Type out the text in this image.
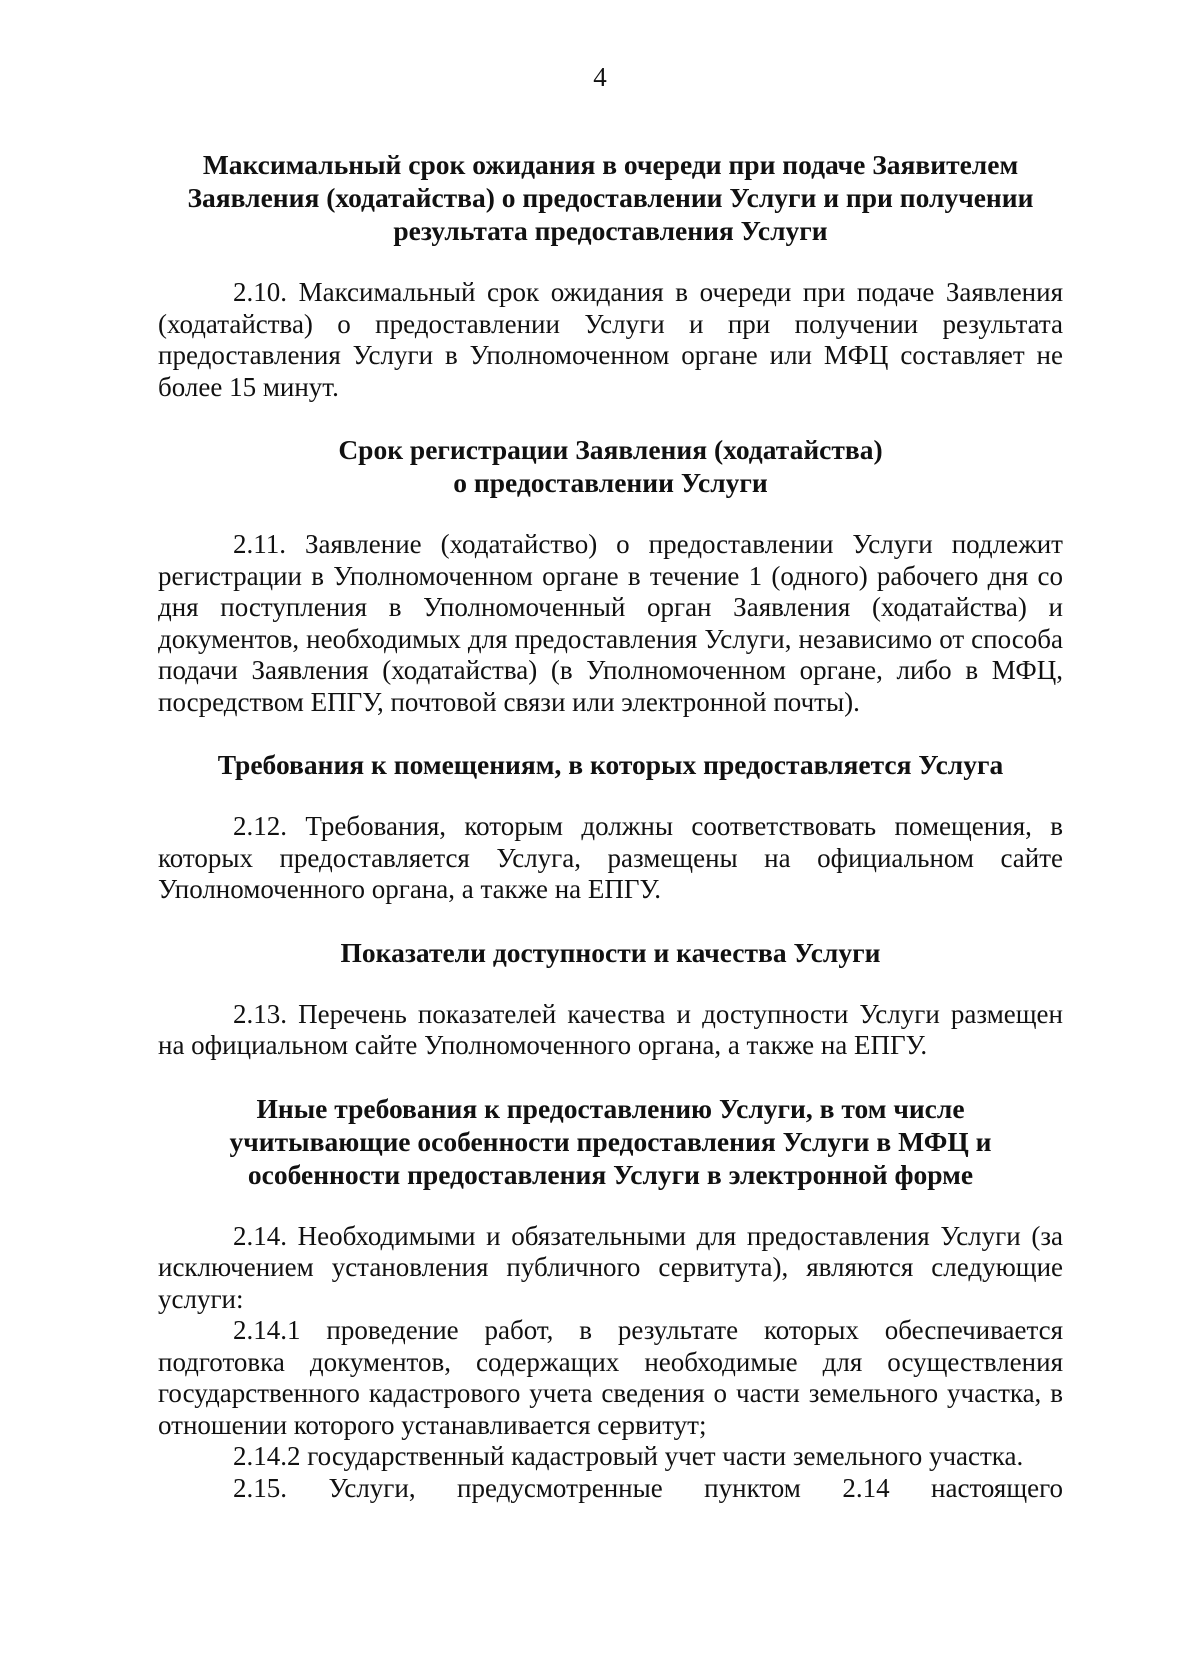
4

Максимальный срок ожидания в очереди при подаче Заявителем Заявления (ходатайства) о предоставлении Услуги и при получении результата предоставления Услуги

2.10. Максимальный срок ожидания в очереди при подаче Заявления (ходатайства) о предоставлении Услуги и при получении результата предоставления Услуги в Уполномоченном органе или МФЦ составляет не более 15 минут.

Срок регистрации Заявления (ходатайства)

о предоставлении Услуги

2.11. Заявление (ходатайство) о предоставлении Услуги подлежит регистрации в Уполномоченном органе в течение 1 (одного) рабочего дня со дня поступления в Уполномоченный орган Заявления (ходатайства) и документов, необходимых для предоставления Услуги, независимо от способа подачи Заявления (ходатайства) (в Уполномоченном органе, либо в МФЦ, посредством ЕПГУ, почтовой связи или электронной почты).

Требования к помещениям, в которых предоставляется Услуга

2.12. Требования, которым должны соответствовать помещения, в которых предоставляется Услуга, размещены на официальном сайте Уполномоченного органа, а также на ЕПГУ.

Показатели доступности и качества Услуги

2.13. Перечень показателей качества и доступности Услуги размещен на официальном сайте Уполномоченного органа, а также на ЕПГУ.

Иные требования к предоставлению Услуги, в том числе

учитывающие особенности предоставления Услуги в МФЦ и

особенности предоставления Услуги в электронной форме

2.14. Необходимыми и обязательными для предоставления Услуги (за исключением установления публичного сервитута), являются следующие услуги:

2.14.1 проведение работ, в результате которых обеспечивается подготовка документов, содержащих необходимые для осуществления государственного кадастрового учета сведения о части земельного участка, в отношении которого устанавливается сервитут;

2.14.2 государственный кадастровый учет части земельного участка.

2.15. Услуги, предусмотренные пунктом 2.14 настоящего
